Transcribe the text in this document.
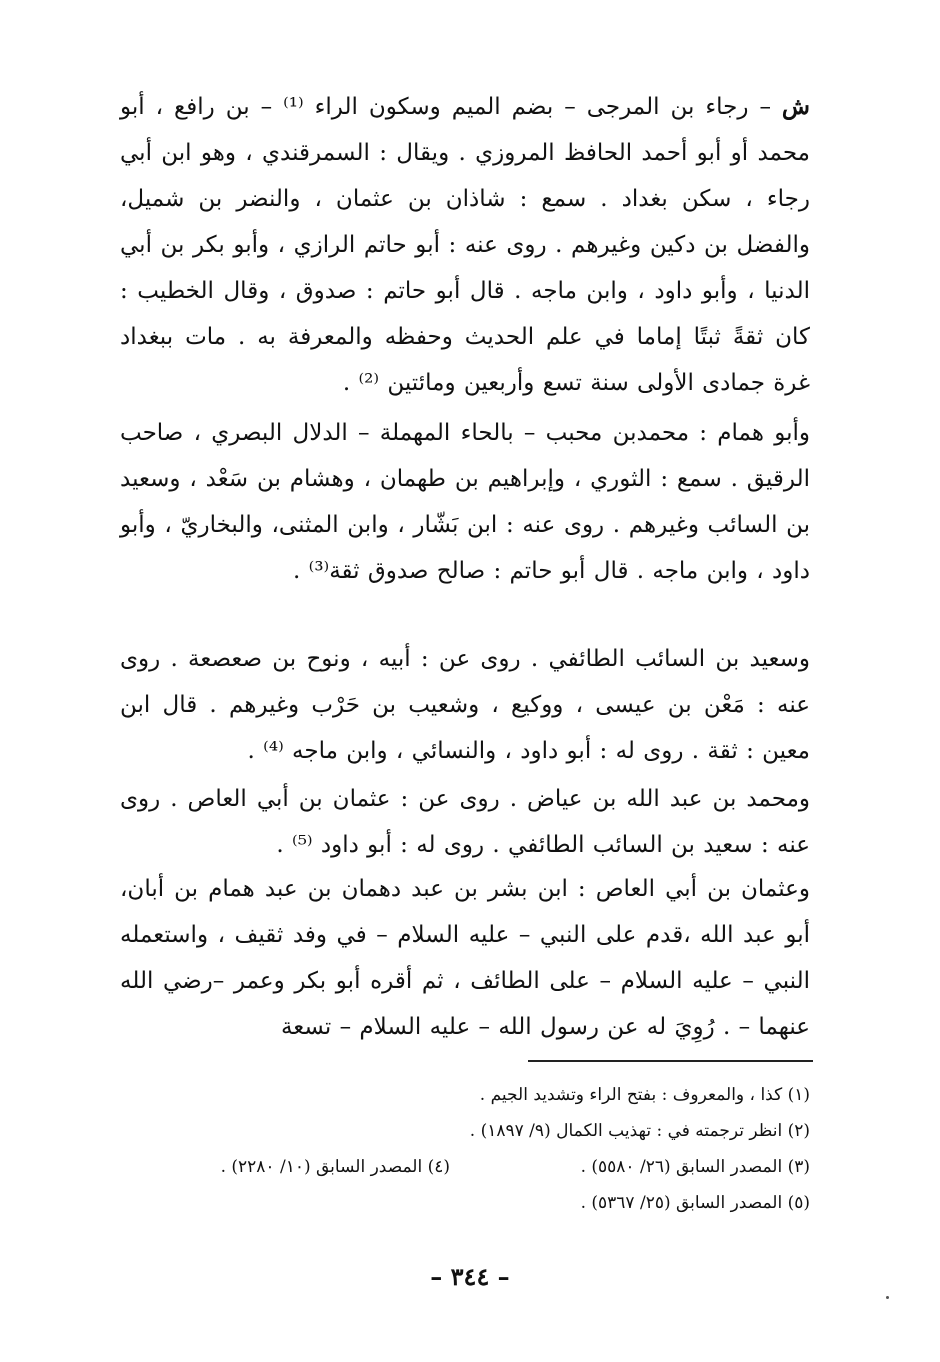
ش – رجاء بن المرجى – بضم الميم وسكون الراء ⁽¹⁾ – بن رافع ، أبو محمد أو أبو أحمد الحافظ المروزي . ويقال : السمرقندي ، وهو ابن أبي رجاء ، سكن بغداد . سمع : شاذان بن عثمان ، والنضر بن شميل، والفضل بن دكين وغيرهم . روى عنه : أبو حاتم الرازي ، وأبو بكر بن أبي الدنيا ، وأبو داود ، وابن ماجه . قال أبو حاتم : صدوق ، وقال الخطيب : كان ثقةً ثبتًا إماما في علم الحديث وحفظه والمعرفة به . مات ببغداد غرة جمادى الأولى سنة تسع وأربعين ومائتين ⁽²⁾ .

وأبو همام : محمدبن محبب – بالحاء المهملة – الدلال البصري ، صاحب الرقيق . سمع : الثوري ، وإبراهيم بن طهمان ، وهشام بن سَعْد ، وسعيد بن السائب وغيرهم . روى عنه : ابن بَشّار ، وابن المثنى، والبخاريّ ، وأبو داود ، وابن ماجه . قال أبو حاتم : صالح صدوق ثقة⁽³⁾ .

وسعيد بن السائب الطائفي . روى عن : أبيه ، ونوح بن صعصعة . روى عنه : مَعْن بن عيسى ، ووكيع ، وشعيب بن حَرْب وغيرهم . قال ابن معين : ثقة . روى له : أبو داود ، والنسائي ، وابن ماجه ⁽⁴⁾ .

ومحمد بن عبد الله بن عياض . روى عن : عثمان بن أبي العاص . روى عنه : سعيد بن السائب الطائفي . روى له : أبو داود ⁽⁵⁾ .

وعثمان بن أبي العاص : ابن بشر بن عبد دهمان بن عبد همام بن أبان، أبو عبد الله ،قدم على النبي – عليه السلام – في وفد ثقيف ، واستعمله النبي – عليه السلام – على الطائف ، ثم أقره أبو بكر وعمر –رضي الله عنهما – . رُوِيَ له عن رسول الله – عليه السلام – تسعة

(١) كذا ، والمعروف : بفتح الراء وتشديد الجيم .
(٢) انظر ترجمته في : تهذيب الكمال (٩/ ١٨٩٧) .
(٣) المصدر السابق (٢٦/ ٥٥٨٠) .
(٤) المصدر السابق (١٠/ ٢٢٨٠) .
(٥) المصدر السابق (٢٥/ ٥٣٦٧) .
– ٣٤٤ –
